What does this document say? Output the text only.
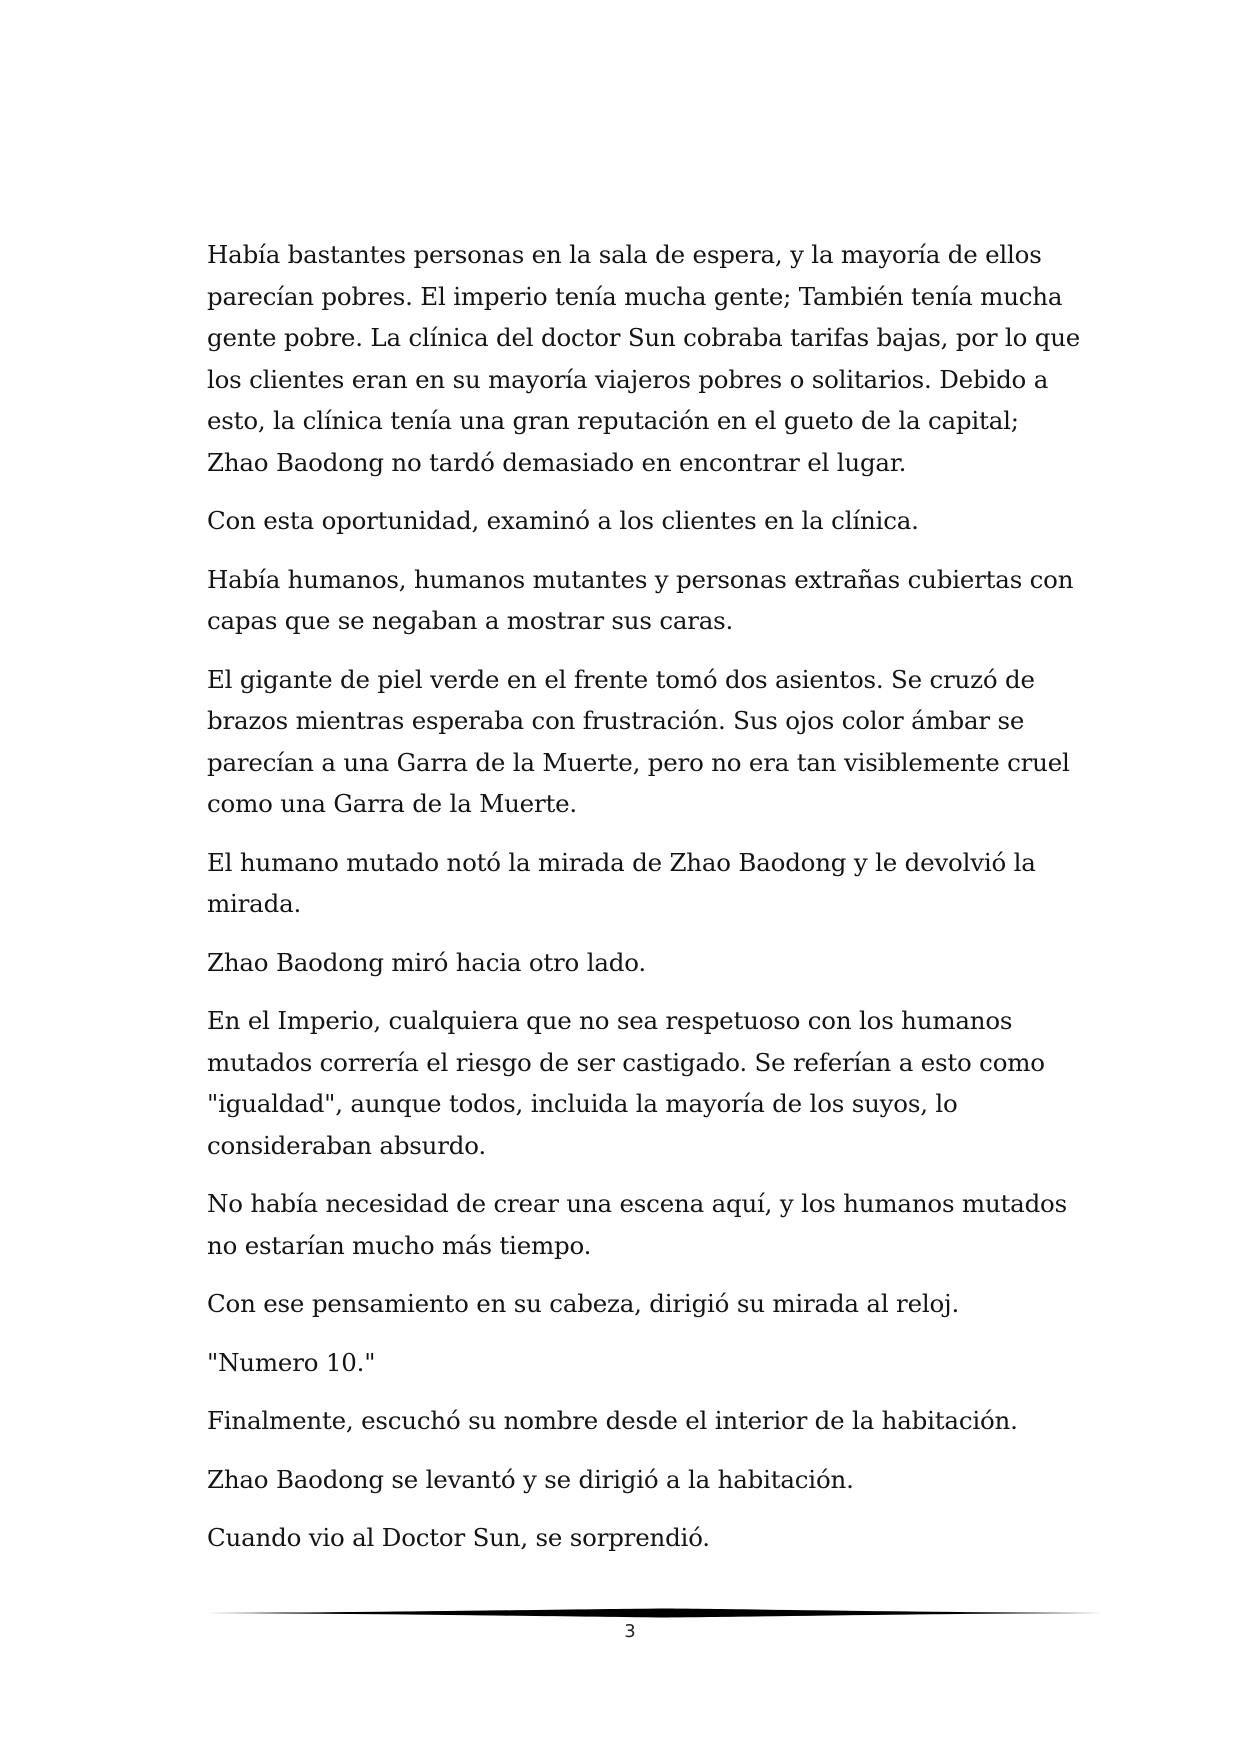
Había bastantes personas en la sala de espera, y la mayoría de ellos parecían pobres. El imperio tenía mucha gente; También tenía mucha gente pobre. La clínica del doctor Sun cobraba tarifas bajas, por lo que los clientes eran en su mayoría viajeros pobres o solitarios. Debido a esto, la clínica tenía una gran reputación en el gueto de la capital; Zhao Baodong no tardó demasiado en encontrar el lugar.

Con esta oportunidad, examinó a los clientes en la clínica.

Había humanos, humanos mutantes y personas extrañas cubiertas con capas que se negaban a mostrar sus caras.

El gigante de piel verde en el frente tomó dos asientos. Se cruzó de brazos mientras esperaba con frustración. Sus ojos color ámbar se parecían a una Garra de la Muerte, pero no era tan visiblemente cruel como una Garra de la Muerte.

El humano mutado notó la mirada de Zhao Baodong y le devolvió la mirada.

Zhao Baodong miró hacia otro lado.

En el Imperio, cualquiera que no sea respetuoso con los humanos mutados correría el riesgo de ser castigado. Se referían a esto como "igualdad", aunque todos, incluida la mayoría de los suyos, lo consideraban absurdo.

No había necesidad de crear una escena aquí, y los humanos mutados no estarían mucho más tiempo.

Con ese pensamiento en su cabeza, dirigió su mirada al reloj.

"Numero 10."

Finalmente, escuchó su nombre desde el interior de la habitación.

Zhao Baodong se levantó y se dirigió a la habitación.

Cuando vio al Doctor Sun, se sorprendió.

3
